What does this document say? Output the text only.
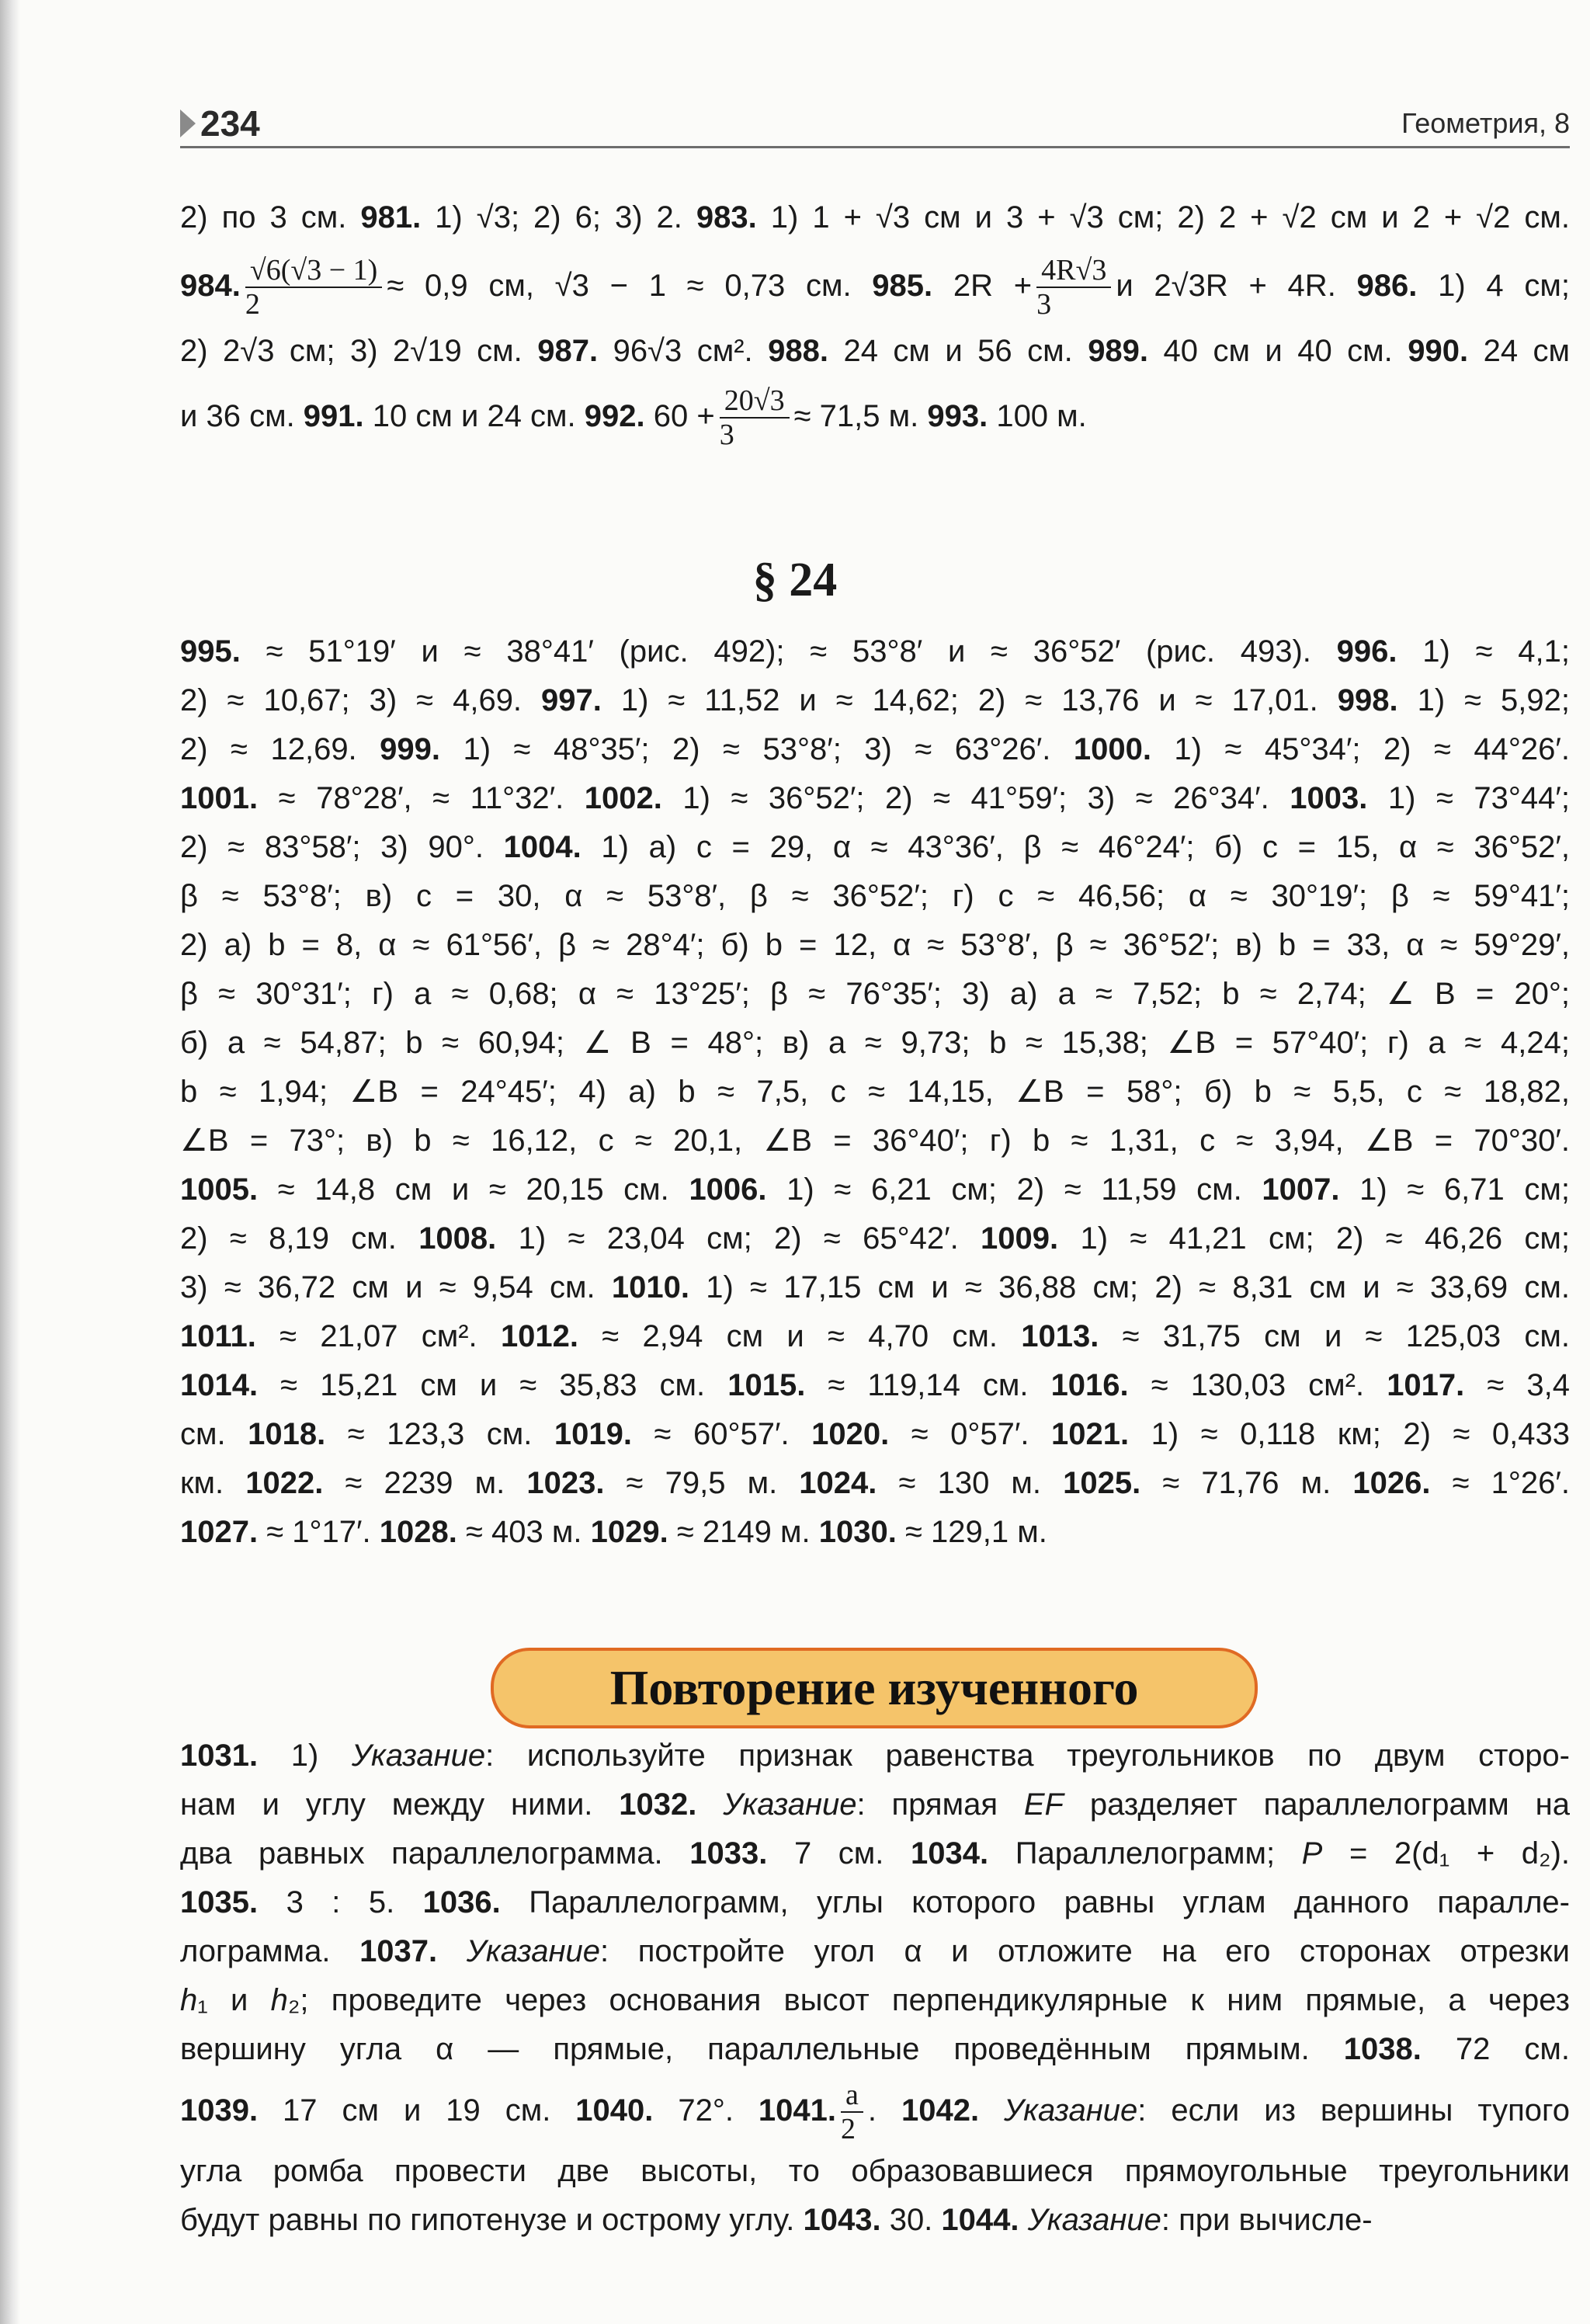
234	Геометрия, 8
2) по 3 см. 981. 1) √3; 2) 6; 3) 2. 983. 1) 1 + √3 см и 3 + √3 см; 2) 2 + √2 см и 2 + √2 см.
984. $\frac{√6(√3 - 1)}{2} \approx 0,9$ см, √3 − 1 ≈ 0,73 см. 985. $2R + \frac{4R√3}{3}$ и 2√3R + 4R. 986. 1) 4 см;
2) 2√3 см; 3) 2√19 см. 987. 96√3 см². 988. 24 см и 56 см. 989. 40 см и 40 см. 990. 24 см
и 36 см. 991. 10 см и 24 см. 992. $60 + \frac{20√3}{3} \approx 71,5$ м. 993. 100 м.
§ 24
995. ≈ 51°19′ и ≈ 38°41′ (рис. 492); ≈ 53°8′ и ≈ 36°52′ (рис. 493). 996. 1) ≈ 4,1;
2) ≈ 10,67; 3) ≈ 4,69. 997. 1) ≈ 11,52 и ≈ 14,62; 2) ≈ 13,76 и ≈ 17,01. 998. 1) ≈ 5,92;
2) ≈ 12,69. 999. 1) ≈ 48°35′; 2) ≈ 53°8′; 3) ≈ 63°26′. 1000. 1) ≈ 45°34′; 2) ≈ 44°26′.
1001. ≈ 78°28′, ≈ 11°32′. 1002. 1) ≈ 36°52′; 2) ≈ 41°59′; 3) ≈ 26°34′. 1003. 1) ≈ 73°44′;
2) ≈ 83°58′; 3) 90°. 1004. 1) а) c = 29, α ≈ 43°36′, β ≈ 46°24′; б) c = 15, α ≈ 36°52′,
β ≈ 53°8′; в) c = 30, α ≈ 53°8′, β ≈ 36°52′; г) c ≈ 46,56; α ≈ 30°19′; β ≈ 59°41′;
2) а) b = 8, α ≈ 61°56′, β ≈ 28°4′; б) b = 12, α ≈ 53°8′, β ≈ 36°52′; в) b = 33, α ≈ 59°29′,
β ≈ 30°31′; г) a ≈ 0,68; α ≈ 13°25′; β ≈ 76°35′; 3) а) a ≈ 7,52; b ≈ 2,74; ∠ B = 20°;
б) a ≈ 54,87; b ≈ 60,94; ∠ B = 48°; в) a ≈ 9,73; b ≈ 15,38; ∠B = 57°40′; г) a ≈ 4,24;
b ≈ 1,94; ∠B = 24°45′; 4) а) b ≈ 7,5, c ≈ 14,15, ∠B = 58°; б) b ≈ 5,5, c ≈ 18,82,
∠B = 73°; в) b ≈ 16,12, c ≈ 20,1, ∠B = 36°40′; г) b ≈ 1,31, c ≈ 3,94, ∠B = 70°30′.
1005. ≈ 14,8 см и ≈ 20,15 см. 1006. 1) ≈ 6,21 см; 2) ≈ 11,59 см. 1007. 1) ≈ 6,71 см;
2) ≈ 8,19 см. 1008. 1) ≈ 23,04 см; 2) ≈ 65°42′. 1009. 1) ≈ 41,21 см; 2) ≈ 46,26 см;
3) ≈ 36,72 см и ≈ 9,54 см. 1010. 1) ≈ 17,15 см и ≈ 36,88 см; 2) ≈ 8,31 см и ≈ 33,69 см.
1011. ≈ 21,07 см². 1012. ≈ 2,94 см и ≈ 4,70 см. 1013. ≈ 31,75 см и ≈ 125,03 см.
1014. ≈ 15,21 см и ≈ 35,83 см. 1015. ≈ 119,14 см. 1016. ≈ 130,03 см². 1017. ≈ 3,4
см. 1018. ≈ 123,3 см. 1019. ≈ 60°57′. 1020. ≈ 0°57′. 1021. 1) ≈ 0,118 км; 2) ≈ 0,433
км. 1022. ≈ 2239 м. 1023. ≈ 79,5 м. 1024. ≈ 130 м. 1025. ≈ 71,76 м. 1026. ≈ 1°26′.
1027. ≈ 1°17′. 1028. ≈ 403 м. 1029. ≈ 2149 м. 1030. ≈ 129,1 м.
Повторение изученного
1031. 1) Указание: используйте признак равенства треугольников по двум сторо-
нам и углу между ними. 1032. Указание: прямая EF разделяет параллелограмм на
два равных параллелограмма. 1033. 7 см. 1034. Параллелограмм; P = 2(d₁ + d₂).
1035. 3 : 5. 1036. Параллелограмм, углы которого равны углам данного паралле-
лограмма. 1037. Указание: постройте угол α и отложите на его сторонах отрезки
h₁ и h₂; проведите через основания высот перпендикулярные к ним прямые, а через
вершину угла α — прямые, параллельные проведённым прямым. 1038. 72 см.
1039. 17 см и 19 см. 1040. 72°. 1041. $\frac{a}{2}$ . 1042. Указание: если из вершины тупого
угла ромба провести две высоты, то образовавшиеся прямоугольные треугольники
будут равны по гипотенузе и острому углу. 1043. 30. 1044. Указание: при вычисле-
